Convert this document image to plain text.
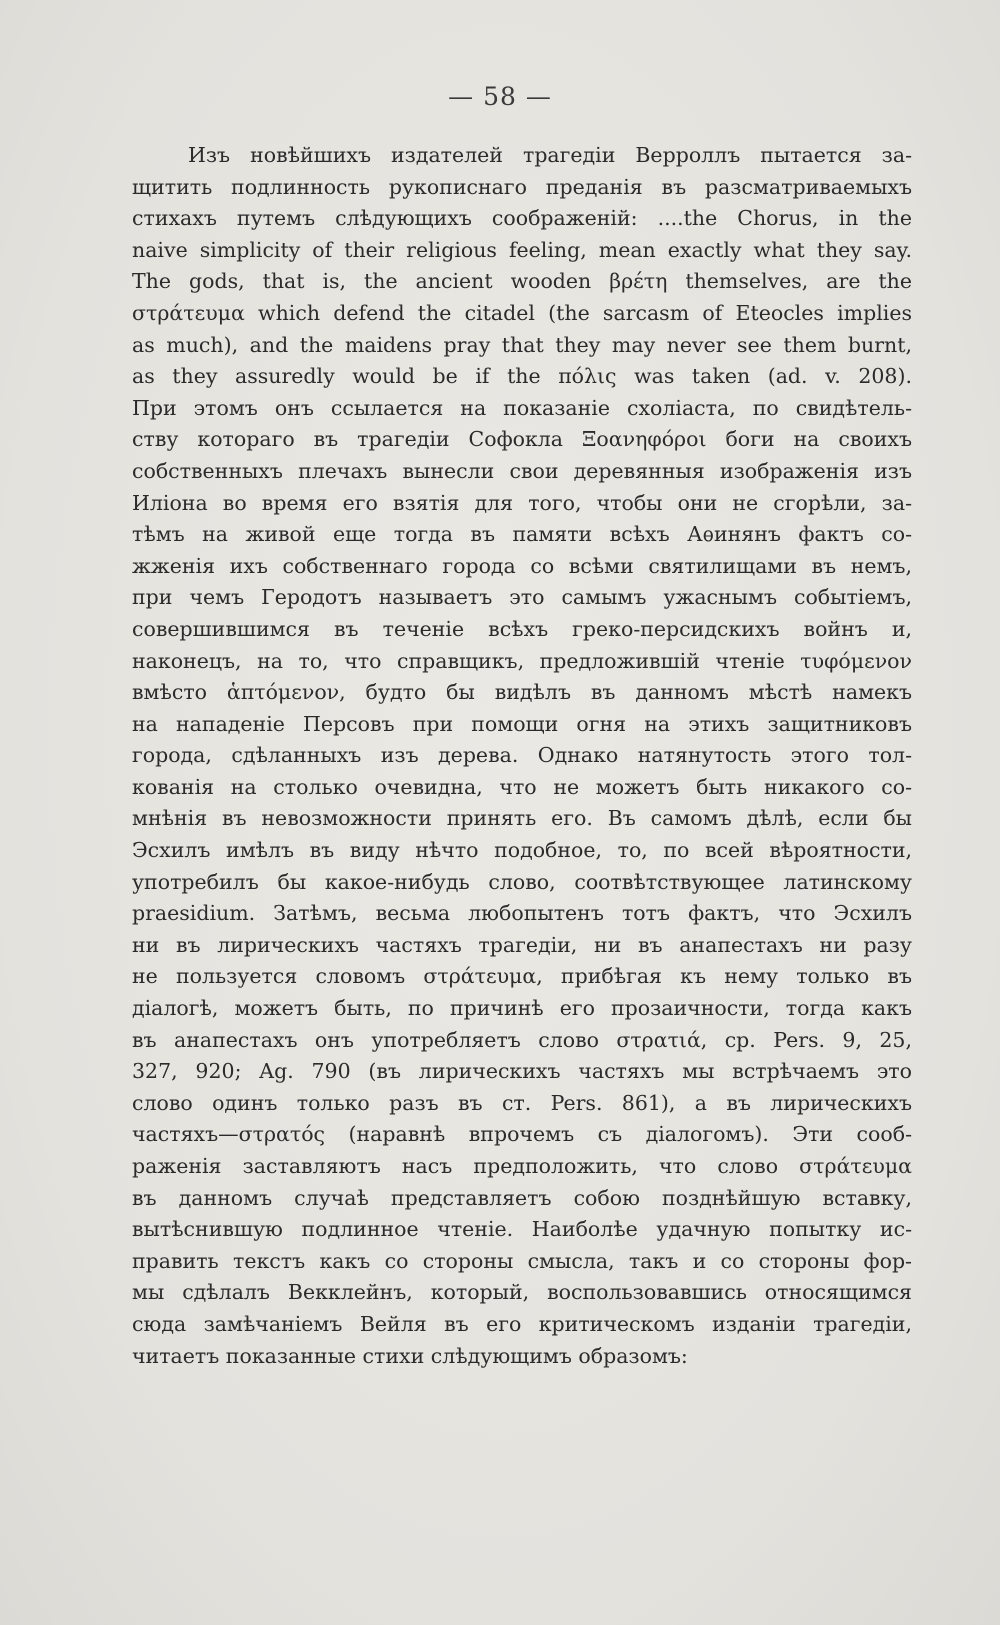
— 58 —
Изъ новѣйшихъ издателей трагедіи Верроллъ пытается за-
щитить подлинность рукописнаго преданія въ разсматриваемыхъ
стихахъ путемъ слѣдующихъ соображеній: ....the Chorus, in the
naive simplicity of their religious feeling, mean exactly what they say.
The gods, that is, the ancient wooden βρέτη themselves, are the
στράτευμα which defend the citadel (the sarcasm of Eteocles implies
as much), and the maidens pray that they may never see them burnt,
as they assuredly would be if the πόλις was taken (ad. v. 208).
При этомъ онъ ссылается на показаніе схоліаста, по свидѣтель-
ству котораго въ трагедіи Софокла Ξοανηφόροι боги на своихъ
собственныхъ плечахъ вынесли свои деревянныя изображенія изъ
Иліона во время его взятія для того, чтобы они не сгорѣли, за-
тѣмъ на живой еще тогда въ памяти всѣхъ Аѳинянъ фактъ со-
жженія ихъ собственнаго города со всѣми святилищами въ немъ,
при чемъ Геродотъ называетъ это самымъ ужаснымъ событіемъ,
совершившимся въ теченіе всѣхъ греко-персидскихъ войнъ и,
наконецъ, на то, что справщикъ, предложившій чтеніе τυφόμενον
вмѣсто ἁπτόμενον, будто бы видѣлъ въ данномъ мѣстѣ намекъ
на нападеніе Персовъ при помощи огня на этихъ защитниковъ
города, сдѣланныхъ изъ дерева. Однако натянутость этого тол-
кованія на столько очевидна, что не можетъ быть никакого со-
мнѣнія въ невозможности принять его. Въ самомъ дѣлѣ, если бы
Эсхилъ имѣлъ въ виду нѣчто подобное, то, по всей вѣроятности,
употребилъ бы какое-нибудь слово, соотвѣтствующее латинскому
praesidium. Затѣмъ, весьма любопытенъ тотъ фактъ, что Эсхилъ
ни въ лирическихъ частяхъ трагедіи, ни въ анапестахъ ни разу
не пользуется словомъ στράτευμα, прибѣгая къ нему только въ
діалогѣ, можетъ быть, по причинѣ его прозаичности, тогда какъ
въ анапестахъ онъ употребляетъ слово στρατιά, ср. Pers. 9, 25,
327, 920; Ag. 790 (въ лирическихъ частяхъ мы встрѣчаемъ это
слово одинъ только разъ въ ст. Pers. 861), а въ лирическихъ
частяхъ—στρατός (наравнѣ впрочемъ съ діалогомъ). Эти сооб-
раженія заставляютъ насъ предположить, что слово στράτευμα
въ данномъ случаѣ представляетъ собою позднѣйшую вставку,
вытѣснившую подлинное чтеніе. Наиболѣе удачную попытку ис-
править текстъ какъ со стороны смысла, такъ и со стороны фор-
мы сдѣлалъ Векклейнъ, который, воспользовавшись относящимся
сюда замѣчаніемъ Вейля въ его критическомъ изданіи трагедіи,
читаетъ показанные стихи слѣдующимъ образомъ:
